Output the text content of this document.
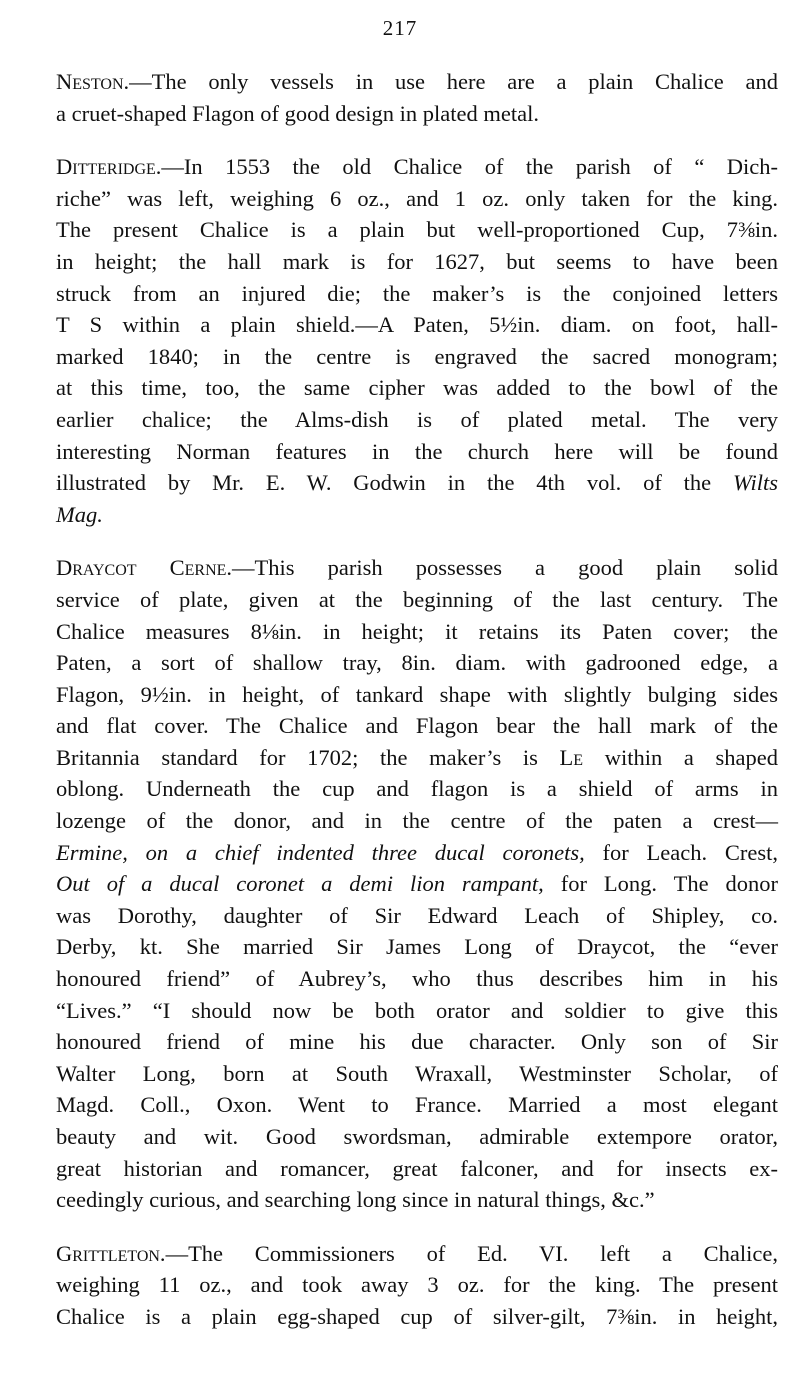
217
Neston.—The only vessels in use here are a plain Chalice and
a cruet-shaped Flagon of good design in plated metal.
Ditteridge.—In 1553 the old Chalice of the parish of “ Dich-
riche” was left, weighing 6 oz., and 1 oz. only taken for the king.
The present Chalice is a plain but well-proportioned Cup, 7⅜in.
in height; the hall mark is for 1627, but seems to have been
struck from an injured die; the maker’s is the conjoined letters
T S within a plain shield.—A Paten, 5½in. diam. on foot, hall-
marked 1840; in the centre is engraved the sacred monogram;
at this time, too, the same cipher was added to the bowl of the
earlier chalice; the Alms-dish is of plated metal. The very
interesting Norman features in the church here will be found
illustrated by Mr. E. W. Godwin in the 4th vol. of the Wilts
Mag.
Draycot Cerne.—This parish possesses a good plain solid
service of plate, given at the beginning of the last century. The
Chalice measures 8⅛in. in height; it retains its Paten cover; the
Paten, a sort of shallow tray, 8in. diam. with gadrooned edge, a
Flagon, 9½in. in height, of tankard shape with slightly bulging sides
and flat cover. The Chalice and Flagon bear the hall mark of the
Britannia standard for 1702; the maker’s is Le within a shaped
oblong. Underneath the cup and flagon is a shield of arms in
lozenge of the donor, and in the centre of the paten a crest—
Ermine, on a chief indented three ducal coronets, for Leach. Crest,
Out of a ducal coronet a demi lion rampant, for Long. The donor
was Dorothy, daughter of Sir Edward Leach of Shipley, co.
Derby, kt. She married Sir James Long of Draycot, the “ever
honoured friend” of Aubrey’s, who thus describes him in his
“Lives.” “I should now be both orator and soldier to give this
honoured friend of mine his due character. Only son of Sir
Walter Long, born at South Wraxall, Westminster Scholar, of
Magd. Coll., Oxon. Went to France. Married a most elegant
beauty and wit. Good swordsman, admirable extempore orator,
great historian and romancer, great falconer, and for insects ex-
ceedingly curious, and searching long since in natural things, &c.”
Grittleton.—The Commissioners of Ed. VI. left a Chalice,
weighing 11 oz., and took away 3 oz. for the king. The present
Chalice is a plain egg-shaped cup of silver-gilt, 7⅜in. in height,
